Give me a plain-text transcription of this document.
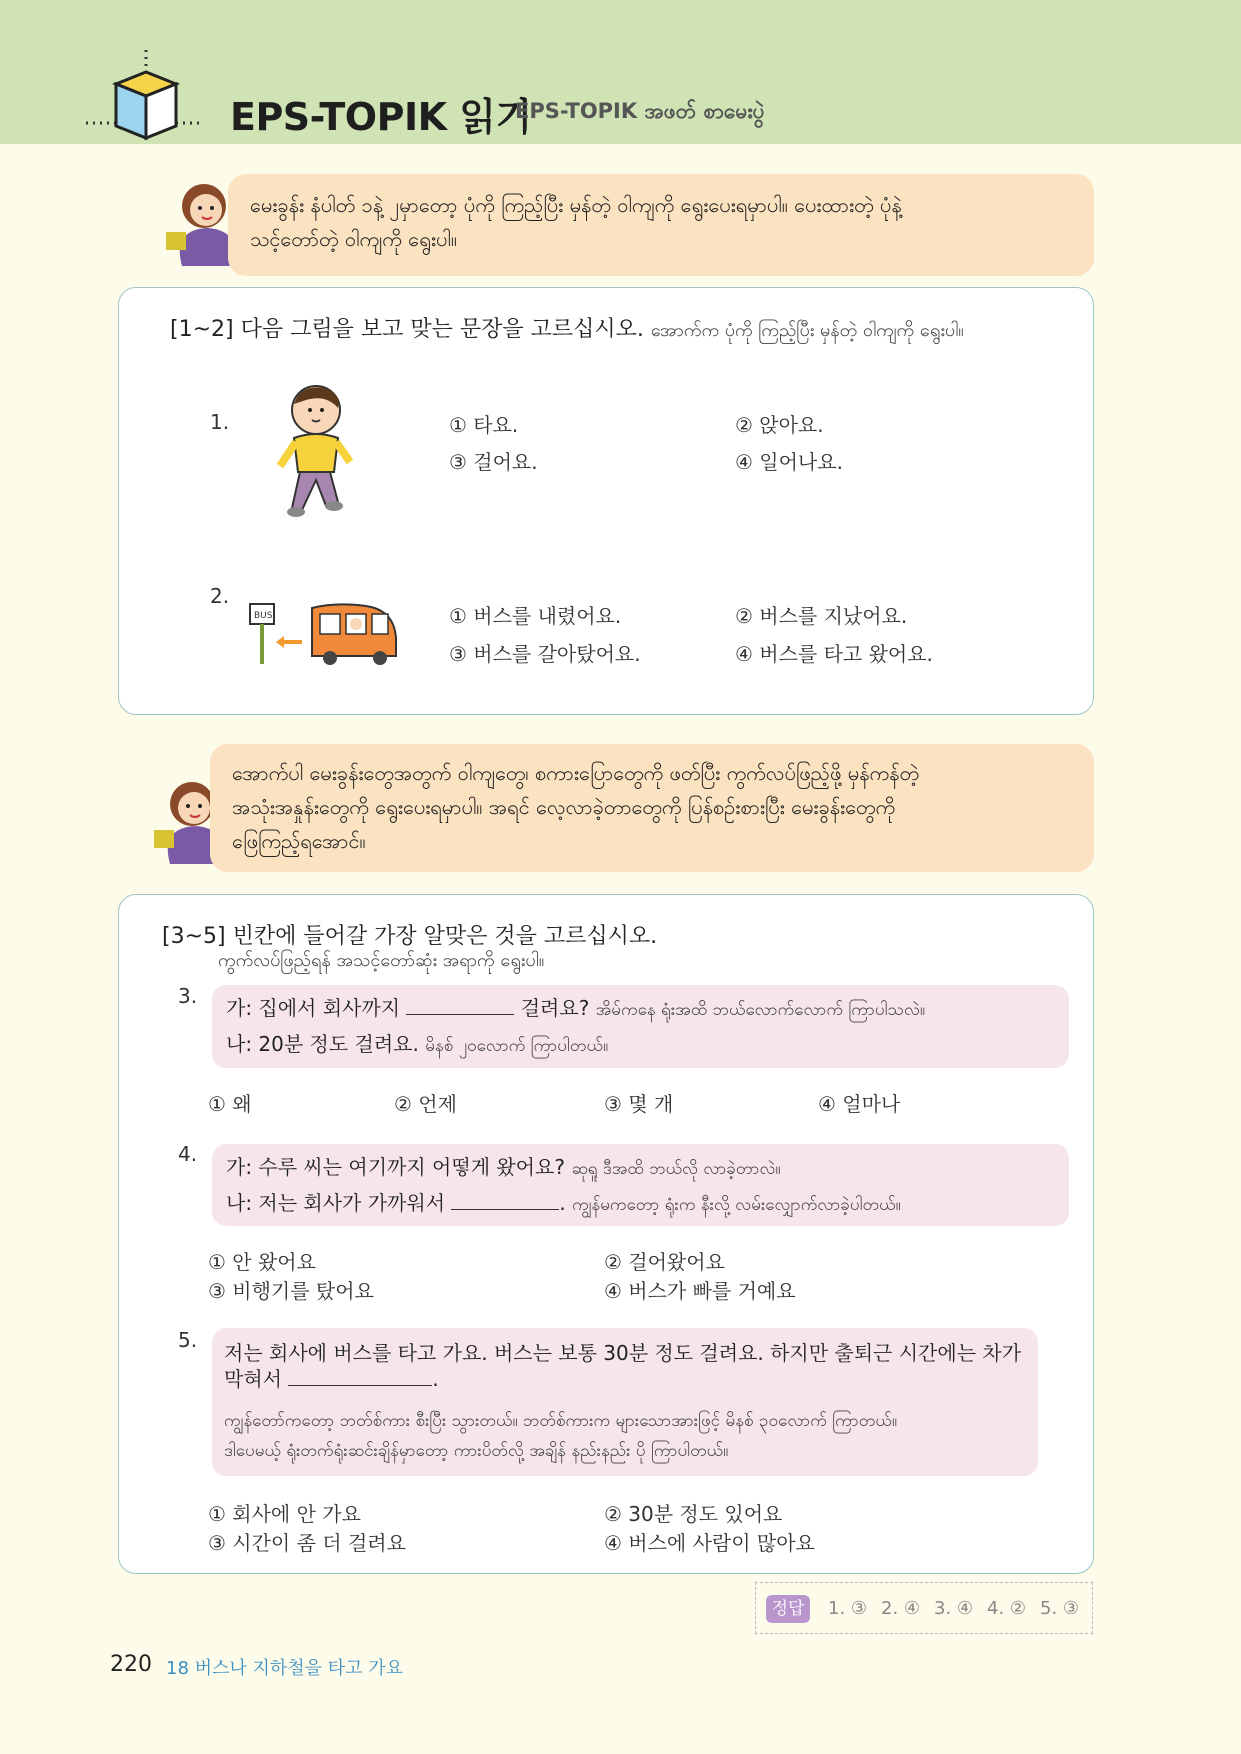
EPS-TOPIK 읽기
EPS-TOPIK အဖတ် စာမေးပွဲ
မေးခွန်း နံပါတ် ၁နဲ့ ၂မှာတော့ ပုံကို ကြည့်ပြီး မှန်တဲ့ ဝါကျကို ရွေးပေးရမှာပါ။ ပေးထားတဲ့ ပုံနဲ့
သင့်တော်တဲ့ ဝါကျကို ရွေးပါ။
[1~2] 다음 그림을 보고 맞는 문장을 고르십시오. အောက်က ပုံကို ကြည့်ပြီး မှန်တဲ့ ဝါကျကို ရွေးပါ။
1.	① 타요.	② 앉아요.
③ 걸어요.	④ 일어나요.
2.
BUS	① 버스를 내렸어요.	② 버스를 지났어요.
③ 버스를 갈아탔어요.	④ 버스를 타고 왔어요.
အောက်ပါ မေးခွန်းတွေအတွက် ဝါကျတွေ၊ စကားပြောတွေကို ဖတ်ပြီး ကွက်လပ်ဖြည့်ဖို့ မှန်ကန်တဲ့
အသုံးအနှုန်းတွေကို ရွေးပေးရမှာပါ။ အရင် လေ့လာခဲ့တာတွေကို ပြန်စဉ်းစားပြီး မေးခွန်းတွေကို
ဖြေကြည့်ရအောင်။
[3~5] 빈칸에 들어갈 가장 알맞은 것을 고르십시오.
ကွက်လပ်ဖြည့်ရန် အသင့်တော်ဆုံး အရာကို ရွေးပါ။
3. 가: 집에서 회사까지	걸려요? အိမ်ကနေ ရုံးအထိ ဘယ်လောက်လောက် ကြာပါသလဲ။
나: 20분 정도 걸려요. မိနစ် ၂၀လောက် ကြာပါတယ်။
① 왜	② 언제	③ 몇 개	④ 얼마나
4.
가: 수루 씨는 여기까지 어떻게 왔어요? ဆုရူ ဒီအထိ ဘယ်လို လာခဲ့တာလဲ။
나: 저는 회사가 가까워서	. ကျွန်မကတော့ ရုံးက နီးလို့ လမ်းလျှောက်လာခဲ့ပါတယ်။
① 안 왔어요	② 걸어왔어요
③ 비행기를 탔어요	④ 버스가 빠를 거예요
5.
저는 회사에 버스를 타고 가요. 버스는 보통 30분 정도 걸려요. 하지만 출퇴근 시간에는 차가
막혀서	.
ကျွန်တော်ကတော့ ဘတ်စ်ကား စီးပြီး သွားတယ်။ ဘတ်စ်ကားက များသောအားဖြင့် မိနစ် ၃၀လောက် ကြာတယ်။
ဒါပေမယ့် ရုံးတက်ရုံးဆင်းချိန်မှာတော့ ကားပိတ်လို့ အချိန် နည်းနည်း ပို ကြာပါတယ်။
① 회사에 안 가요	② 30분 정도 있어요
③ 시간이 좀 더 걸려요	④ 버스에 사람이 많아요
정답	1. ③ 2. ④ 3. ④ 4. ② 5. ③
220 18 버스나 지하철을 타고 가요
